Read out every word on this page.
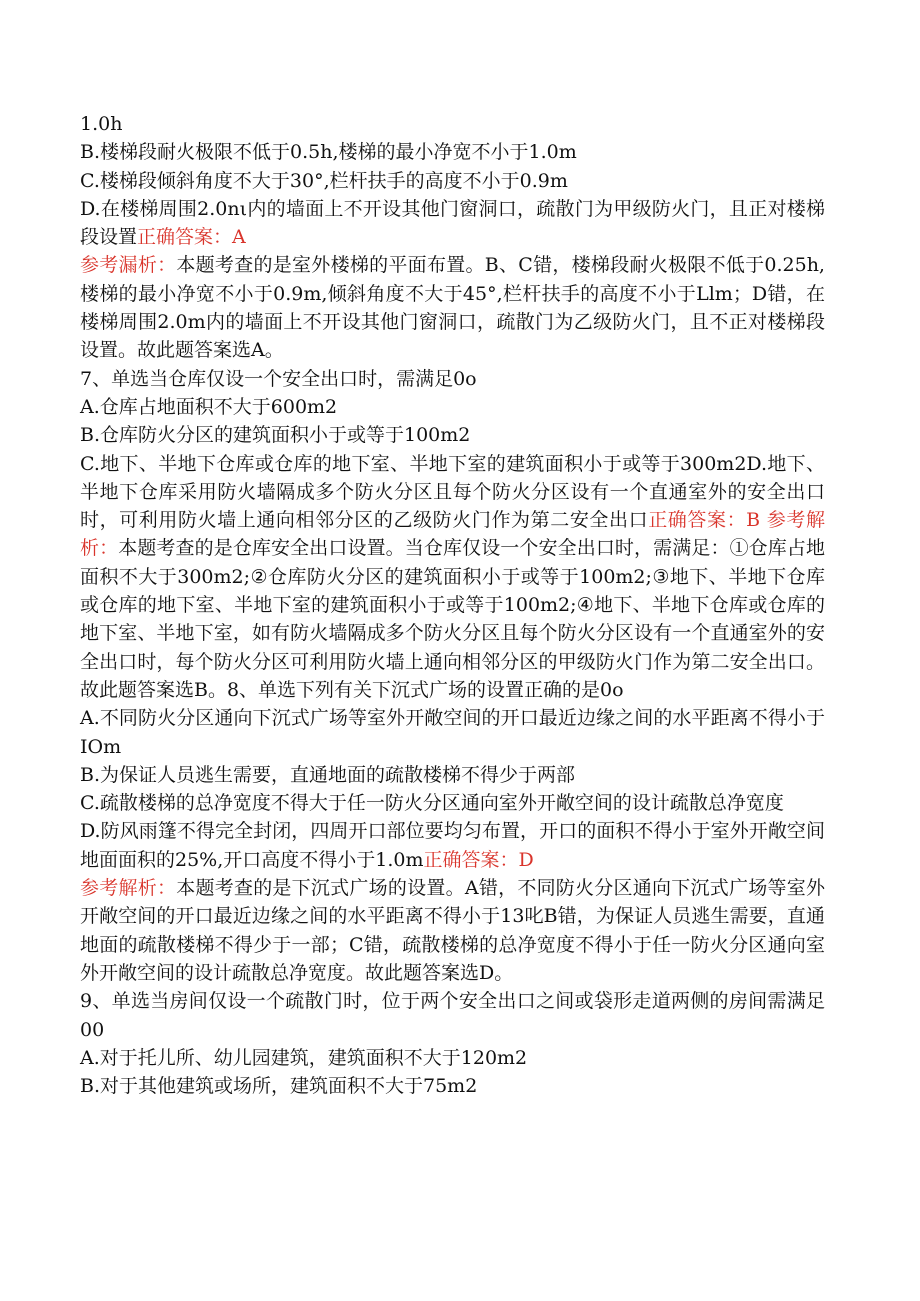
1.0h

B.楼梯段耐火极限不低于0.5h,楼梯的最小净宽不小于1.0m

C.楼梯段倾斜角度不大于30°,栏杆扶手的高度不小于0.9m

D.在楼梯周围2.0nι内的墙面上不开设其他门窗洞口，疏散门为甲级防火门，且正对楼梯段设置正确答案：A

参考漏析：本题考查的是室外楼梯的平面布置。B、C错，楼梯段耐火极限不低于0.25h,楼梯的最小净宽不小于0.9m,倾斜角度不大于45°,栏杆扶手的高度不小于Llm；D错，在楼梯周围2.0m内的墙面上不开设其他门窗洞口，疏散门为乙级防火门，且不正对楼梯段设置。故此题答案选A。

7、单选当仓库仅设一个安全出口时，需满足0o

A.仓库占地面积不大于600m2

B.仓库防火分区的建筑面积小于或等于100m2

C.地下、半地下仓库或仓库的地下室、半地下室的建筑面积小于或等于300m2D.地下、半地下仓库采用防火墙隔成多个防火分区且每个防火分区设有一个直通室外的安全出口时，可利用防火墙上通向相邻分区的乙级防火门作为第二安全出口正确答案：B 参考解析：本题考查的是仓库安全出口设置。当仓库仅设一个安全出口时，需满足：①仓库占地面积不大于300m2;②仓库防火分区的建筑面积小于或等于100m2;③地下、半地下仓库或仓库的地下室、半地下室的建筑面积小于或等于100m2;④地下、半地下仓库或仓库的地下室、半地下室，如有防火墙隔成多个防火分区且每个防火分区设有一个直通室外的安全出口时，每个防火分区可利用防火墙上通向相邻分区的甲级防火门作为第二安全出口。故此题答案选B。8、单选下列有关下沉式广场的设置正确的是0o

A.不同防火分区通向下沉式广场等室外开敞空间的开口最近边缘之间的水平距离不得小于IOm

B.为保证人员逃生需要，直通地面的疏散楼梯不得少于两部

C.疏散楼梯的总净宽度不得大于任一防火分区通向室外开敞空间的设计疏散总净宽度

D.防风雨篷不得完全封闭，四周开口部位要均匀布置，开口的面积不得小于室外开敞空间地面面积的25%,开口高度不得小于1.0m正确答案：D

参考解析：本题考查的是下沉式广场的设置。A错，不同防火分区通向下沉式广场等室外开敞空间的开口最近边缘之间的水平距离不得小于13叱B错，为保证人员逃生需要，直通地面的疏散楼梯不得少于一部；C错，疏散楼梯的总净宽度不得小于任一防火分区通向室外开敞空间的设计疏散总净宽度。故此题答案选D。

9、单选当房间仅设一个疏散门时，位于两个安全出口之间或袋形走道两侧的房间需满足00

A.对于托儿所、幼儿园建筑，建筑面积不大于120m2

B.对于其他建筑或场所，建筑面积不大于75m2
